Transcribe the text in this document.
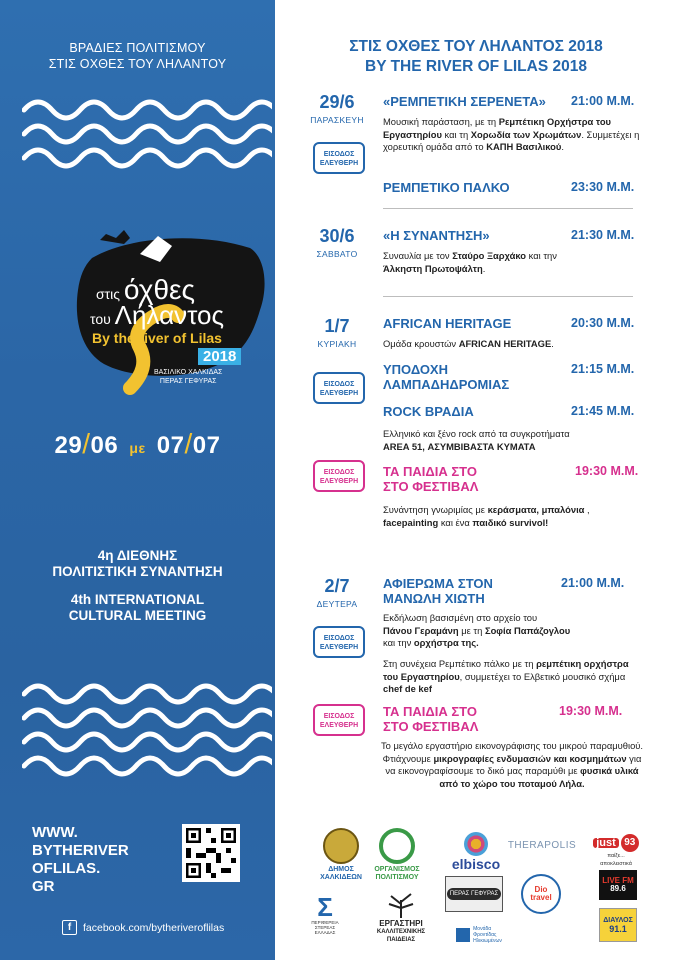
ΒΡΑΔΙΕΣ ΠΟΛΙΤΙΣΜΟΥ
ΣΤΙΣ ΟΧΘΕΣ ΤΟΥ ΛΗΛΑΝΤΟΥ
στις όχθες
του Λήλαντος
By the river of Lilas
2018
ΒΑΣΙΛΙΚΟ ΧΑΛΚΙΔΑΣ
ΠΕΡΑΣ ΓΕΦΥΡΑΣ
29/06 με 07/07
4η ΔΙΕΘΝΗΣ
ΠΟΛΙΤΙΣΤΙΚΗ ΣΥΝΑΝΤΗΣΗ
4th INTERNATIONAL
CULTURAL MEETING
WWW.
BYTHERIVER
OFLILAS.
GR
f	facebook.com/bytheriveroflilas
ΣΤΙΣ ΟΧΘΕΣ ΤΟΥ ΛΗΛΑΝΤΟΣ 2018
BY THE RIVER OF LILAS 2018
29/6
ΠΑΡΑΣΚΕΥΗ
ΕΙΣΟΔΟΣ
ΕΛΕΥΘΕΡΗ
«ΡΕΜΠΕΤΙΚΗ ΣΕΡΕΝΕΤΑ» 21:00 Μ.Μ.
Μουσική παράσταση, με τη Ρεμπέτικη Ορχήστρα του Εργαστηρίου και τη Χορωδία των Χρωμάτων. Συμμετέχει η χορευτική ομάδα από το ΚΑΠΗ Βασιλικού.
ΡΕΜΠΕΤΙΚΟ ΠΑΛΚΟ	23:30 Μ.Μ.
30/6
ΣΑΒΒΑΤΟ
«Η ΣΥΝΑΝΤΗΣΗ»	21:30 Μ.Μ.
Συναυλία με τον Σταύρο Ξαρχάκο και την
Άλκηστη Πρωτοψάλτη.
1/7
ΚΥΡΙΑΚΗ
AFRICAN HERITAGE	20:30 Μ.Μ.
Ομάδα κρουστών AFRICAN HERITAGE.
ΕΙΣΟΔΟΣ
ΕΛΕΥΘΕΡΗ
ΥΠΟΔΟΧΗ
ΛΑΜΠΑΔΗΔΡΟΜΙΑΣ
21:15 Μ.Μ.
ROCK ΒΡΑΔΙΑ	21:45 Μ.Μ.
Ελληνικό και ξένο rock από τα συγκροτήματα
AREA 51, ΑΣΥΜΒΙΒΑΣΤΑ ΚΥΜΑΤΑ
ΕΙΣΟΔΟΣ
ΕΛΕΥΘΕΡΗ
ΤΑ ΠΑΙΔΙΑ ΣΤΟ
ΣΤΟ ΦΕΣΤΙΒΑΛ
19:30 Μ.Μ.
Συνάντηση γνωριμίας με κεράσματα, μπαλόνια ,
facepainting και ένα παιδικό survivol!
2/7
ΔΕΥΤΕΡΑ
ΑΦΙΕΡΩΜΑ ΣΤΟΝ
ΜΑΝΩΛΗ ΧΙΩΤΗ
21:00 Μ.Μ.
ΕΙΣΟΔΟΣ
ΕΛΕΥΘΕΡΗ
Εκδήλωση βασισμένη στο αρχείο του
Πάνου Γεραμάνη με τη Σοφία Παπάζογλου
και την ορχήστρα της.
Στη συνέχεια Ρεμπέτικο πάλκο με τη ρεμπέτικη ορχήστρα του Εργαστηρίου, συμμετέχει το Ελβετικό μουσικό σχήμα chef de kef
ΕΙΣΟΔΟΣ
ΕΛΕΥΘΕΡΗ
ΤΑ ΠΑΙΔΙΑ ΣΤΟ
ΣΤΟ ΦΕΣΤΙΒΑΛ
19:30 Μ.Μ.
Το μεγάλο εργαστήριο εικονογράφισης του μικρού παραμυθιού. Φτιάχνουμε μικρογραφίες ενδυμασιών και κοσμημάτων για να εικονογραφίσουμε το δικό μας παραμύθι με φυσικά υλικά από το χώρο του ποταμού Λήλα.
ΔΗΜΟΣ
ΧΑΛΚΙΔΕΩΝ
ΟΡΓΑΝΙΣΜΟΣ
ΠΟΛΙΤΙΣΜΟΥ
elbisco
THERAPOLIS just 93
παίξε... αποκλειστικά
LIVE FM
89.6
ΔΙΑΥΛΟΣ
91.1
ΠΕΡΑΣ ΓΕΦΥΡΑΣ	Dio travel
Σ
ΠΕΡΙΦΕΡΕΙΑ
ΣΤΕΡΕΑΣ ΕΛΛΑΔΑΣ
ΕΡΓΑΣΤΗΡΙ
ΚΑΛΛΙΤΕΧΝΙΚΗΣ
ΠΑΙΔΕΙΑΣ
Μονάδα
Φροντίδας
Ηλικιωμένων
